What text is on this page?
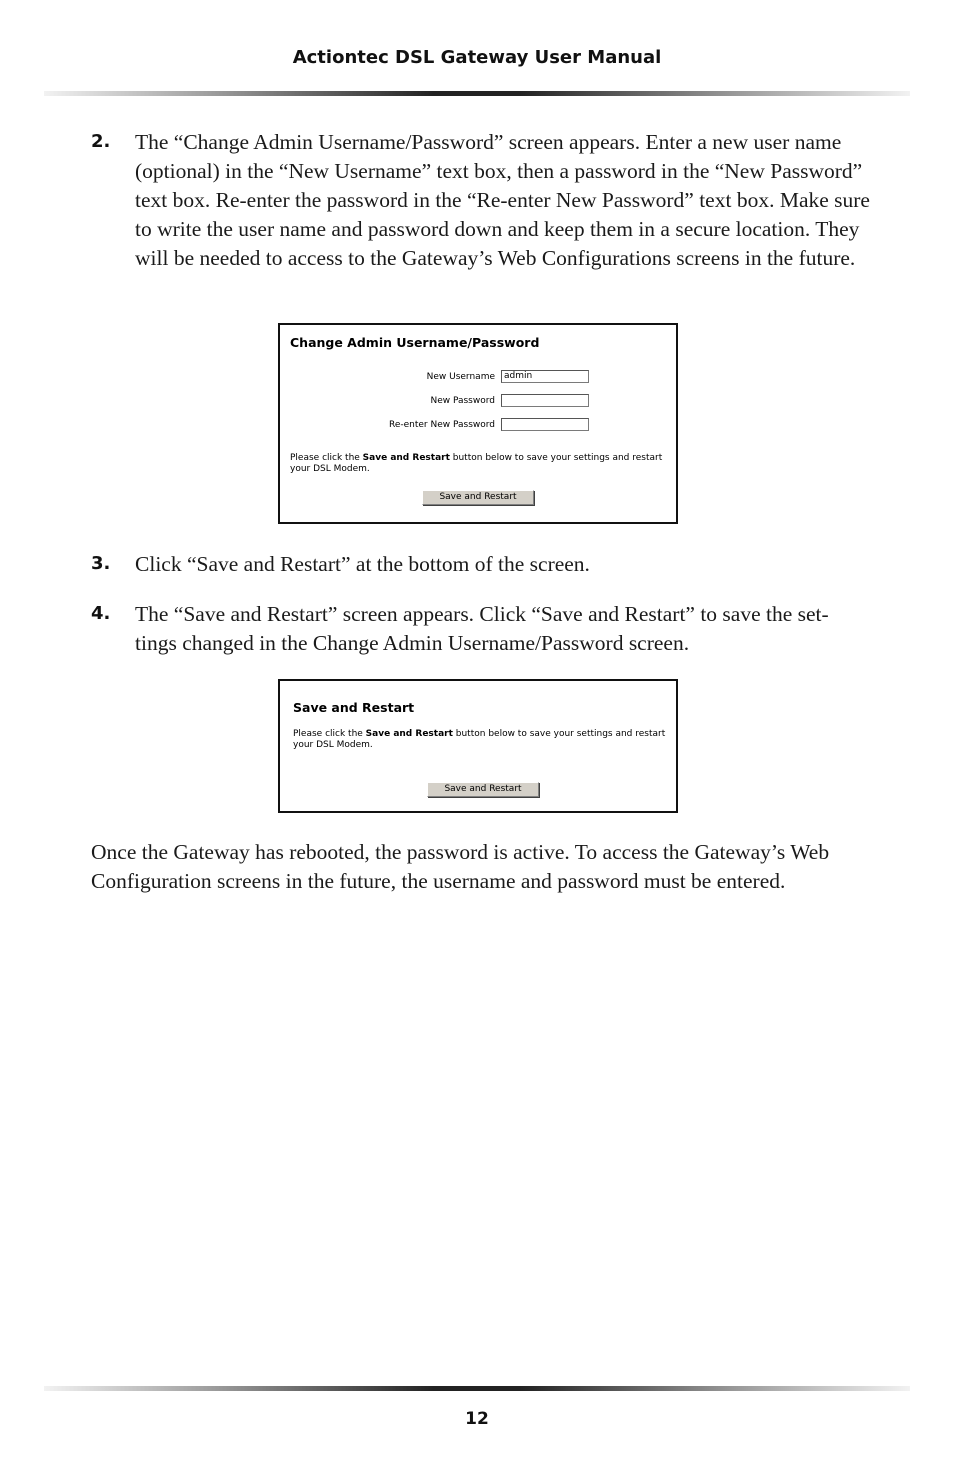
Actiontec DSL Gateway User Manual
2. The “Change Admin Username/Password” screen appears. Enter a new user name (optional) in the “New Username” text box, then a password in the “New Password” text box. Re-enter the password in the “Re-enter New Password” text box. Make sure to write the user name and password down and keep them in a secure location. They will be needed to access to the Gateway’s Web Configurations screens in the future.
Change Admin Username/Password
New Username	admin
New Password
Re-enter New Password
Please click the Save and Restart button below to save your settings and restart your DSL Modem.
Save and Restart
3. Click “Save and Restart” at the bottom of the screen.
4. The “Save and Restart” screen appears. Click “Save and Restart” to save the set-tings changed in the Change Admin Username/Password screen.
Save and Restart
Please click the Save and Restart button below to save your settings and restart your DSL Modem.
Save and Restart
Once the Gateway has rebooted, the password is active. To access the Gateway’s Web Configuration screens in the future, the username and password must be entered.
12
